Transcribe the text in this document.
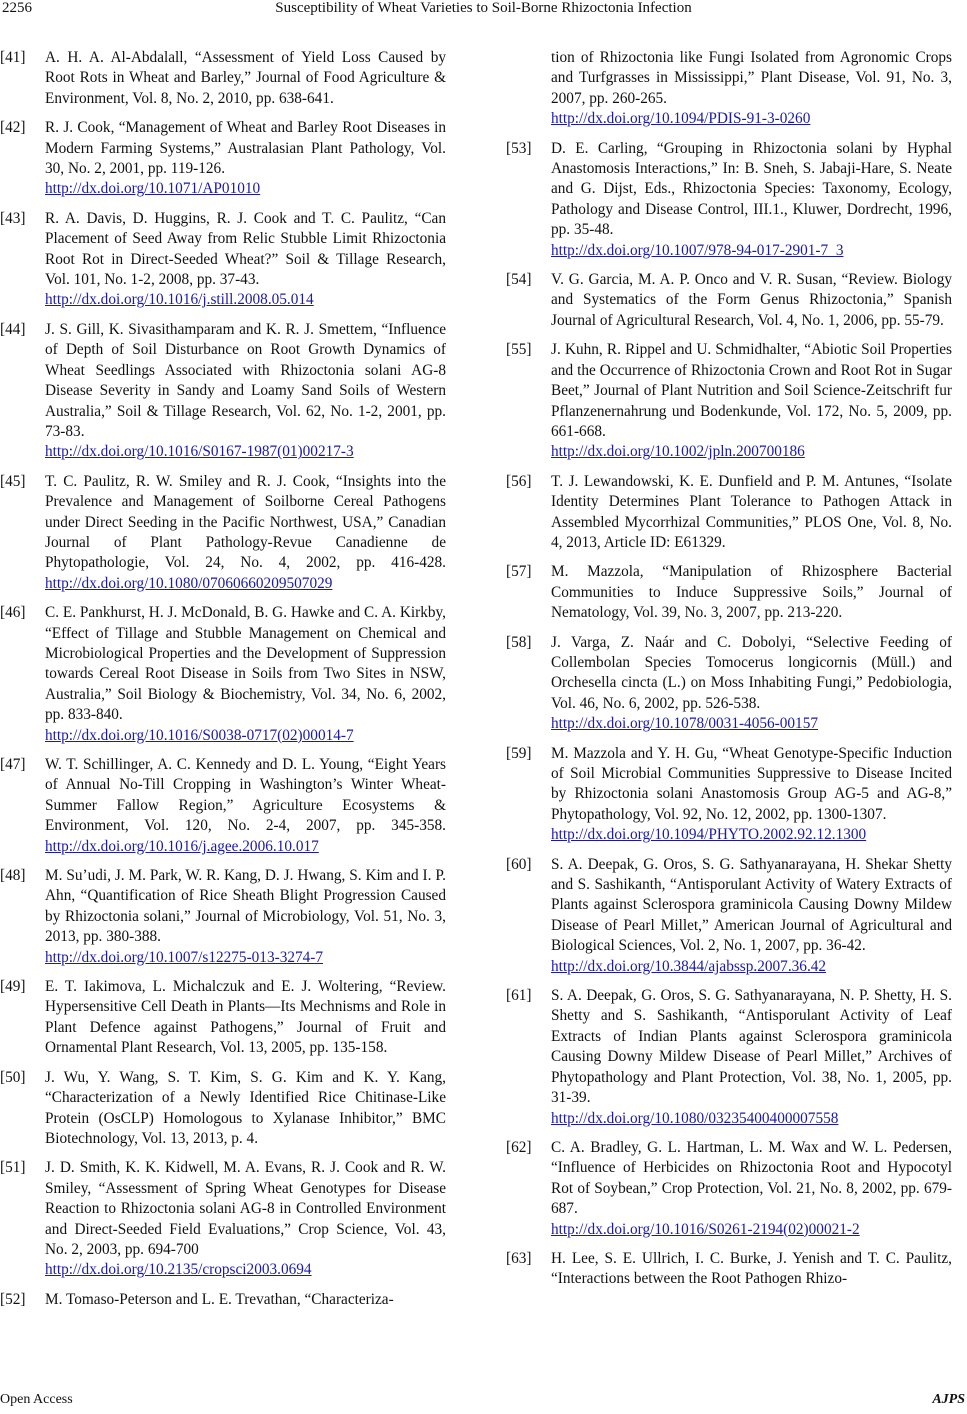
2256	Susceptibility of Wheat Varieties to Soil-Borne Rhizoctonia Infection
[41] A. H. A. Al-Abdalall, “Assessment of Yield Loss Caused by Root Rots in Wheat and Barley,” Journal of Food Agriculture & Environment, Vol. 8, No. 2, 2010, pp. 638-641.
[42] R. J. Cook, “Management of Wheat and Barley Root Diseases in Modern Farming Systems,” Australasian Plant Pathology, Vol. 30, No. 2, 2001, pp. 119-126.
http://dx.doi.org/10.1071/AP01010
[43] R. A. Davis, D. Huggins, R. J. Cook and T. C. Paulitz, “Can Placement of Seed Away from Relic Stubble Limit Rhizoctonia Root Rot in Direct-Seeded Wheat?” Soil & Tillage Research, Vol. 101, No. 1-2, 2008, pp. 37-43.
http://dx.doi.org/10.1016/j.still.2008.05.014
[44] J. S. Gill, K. Sivasithamparam and K. R. J. Smettem, “Influence of Depth of Soil Disturbance on Root Growth Dynamics of Wheat Seedlings Associated with Rhizoctonia solani AG-8 Disease Severity in Sandy and Loamy Sand Soils of Western Australia,” Soil & Tillage Research, Vol. 62, No. 1-2, 2001, pp. 73-83.
http://dx.doi.org/10.1016/S0167-1987(01)00217-3
[45] T. C. Paulitz, R. W. Smiley and R. J. Cook, “Insights into the Prevalence and Management of Soilborne Cereal Pathogens under Direct Seeding in the Pacific Northwest, USA,” Canadian Journal of Plant Pathology-Revue Canadienne de Phytopathologie, Vol. 24, No. 4, 2002, pp. 416-428. http://dx.doi.org/10.1080/07060660209507029
[46] C. E. Pankhurst, H. J. McDonald, B. G. Hawke and C. A. Kirkby, “Effect of Tillage and Stubble Management on Chemical and Microbiological Properties and the Development of Suppression towards Cereal Root Disease in Soils from Two Sites in NSW, Australia,” Soil Biology & Biochemistry, Vol. 34, No. 6, 2002, pp. 833-840.
http://dx.doi.org/10.1016/S0038-0717(02)00014-7
[47] W. T. Schillinger, A. C. Kennedy and D. L. Young, “Eight Years of Annual No-Till Cropping in Washington’s Winter Wheat-Summer Fallow Region,” Agriculture Ecosystems & Environment, Vol. 120, No. 2-4, 2007, pp. 345-358. http://dx.doi.org/10.1016/j.agee.2006.10.017
[48] M. Su’udi, J. M. Park, W. R. Kang, D. J. Hwang, S. Kim and I. P. Ahn, “Quantification of Rice Sheath Blight Progression Caused by Rhizoctonia solani,” Journal of Microbiology, Vol. 51, No. 3, 2013, pp. 380-388.
http://dx.doi.org/10.1007/s12275-013-3274-7
[49] E. T. Iakimova, L. Michalczuk and E. J. Woltering, “Review. Hypersensitive Cell Death in Plants—Its Mechnisms and Role in Plant Defence against Pathogens,” Journal of Fruit and Ornamental Plant Research, Vol. 13, 2005, pp. 135-158.
[50] J. Wu, Y. Wang, S. T. Kim, S. G. Kim and K. Y. Kang, “Characterization of a Newly Identified Rice Chitinase-Like Protein (OsCLP) Homologous to Xylanase Inhibitor,” BMC Biotechnology, Vol. 13, 2013, p. 4.
[51] J. D. Smith, K. K. Kidwell, M. A. Evans, R. J. Cook and R. W. Smiley, “Assessment of Spring Wheat Genotypes for Disease Reaction to Rhizoctonia solani AG-8 in Controlled Environment and Direct-Seeded Field Evaluations,” Crop Science, Vol. 43, No. 2, 2003, pp. 694-700
http://dx.doi.org/10.2135/cropsci2003.0694
[52] M. Tomaso-Peterson and L. E. Trevathan, “Characteriza-
tion of Rhizoctonia like Fungi Isolated from Agronomic Crops and Turfgrasses in Mississippi,” Plant Disease, Vol. 91, No. 3, 2007, pp. 260-265.
http://dx.doi.org/10.1094/PDIS-91-3-0260
[53] D. E. Carling, “Grouping in Rhizoctonia solani by Hyphal Anastomosis Interactions,” In: B. Sneh, S. Jabaji-Hare, S. Neate and G. Dijst, Eds., Rhizoctonia Species: Taxonomy, Ecology, Pathology and Disease Control, III.1., Kluwer, Dordrecht, 1996, pp. 35-48.
http://dx.doi.org/10.1007/978-94-017-2901-7_3
[54] V. G. Garcia, M. A. P. Onco and V. R. Susan, “Review. Biology and Systematics of the Form Genus Rhizoctonia,” Spanish Journal of Agricultural Research, Vol. 4, No. 1, 2006, pp. 55-79.
[55] J. Kuhn, R. Rippel and U. Schmidhalter, “Abiotic Soil Properties and the Occurrence of Rhizoctonia Crown and Root Rot in Sugar Beet,” Journal of Plant Nutrition and Soil Science-Zeitschrift fur Pflanzenernahrung und Bodenkunde, Vol. 172, No. 5, 2009, pp. 661-668.
http://dx.doi.org/10.1002/jpln.200700186
[56] T. J. Lewandowski, K. E. Dunfield and P. M. Antunes, “Isolate Identity Determines Plant Tolerance to Pathogen Attack in Assembled Mycorrhizal Communities,” PLOS One, Vol. 8, No. 4, 2013, Article ID: E61329.
[57] M. Mazzola, “Manipulation of Rhizosphere Bacterial Communities to Induce Suppressive Soils,” Journal of Nematology, Vol. 39, No. 3, 2007, pp. 213-220.
[58] J. Varga, Z. Naár and C. Dobolyi, “Selective Feeding of Collembolan Species Tomocerus longicornis (Müll.) and Orchesella cincta (L.) on Moss Inhabiting Fungi,” Pedobiologia, Vol. 46, No. 6, 2002, pp. 526-538.
http://dx.doi.org/10.1078/0031-4056-00157
[59] M. Mazzola and Y. H. Gu, “Wheat Genotype-Specific Induction of Soil Microbial Communities Suppressive to Disease Incited by Rhizoctonia solani Anastomosis Group AG-5 and AG-8,” Phytopathology, Vol. 92, No. 12, 2002, pp. 1300-1307.
http://dx.doi.org/10.1094/PHYTO.2002.92.12.1300
[60] S. A. Deepak, G. Oros, S. G. Sathyanarayana, H. Shekar Shetty and S. Sashikanth, “Antisporulant Activity of Watery Extracts of Plants against Sclerospora graminicola Causing Downy Mildew Disease of Pearl Millet,” American Journal of Agricultural and Biological Sciences, Vol. 2, No. 1, 2007, pp. 36-42.
http://dx.doi.org/10.3844/ajabssp.2007.36.42
[61] S. A. Deepak, G. Oros, S. G. Sathyanarayana, N. P. Shetty, H. S. Shetty and S. Sashikanth, “Antisporulant Activity of Leaf Extracts of Indian Plants against Sclerospora graminicola Causing Downy Mildew Disease of Pearl Millet,” Archives of Phytopathology and Plant Protection, Vol. 38, No. 1, 2005, pp. 31-39.
http://dx.doi.org/10.1080/03235400400007558
[62] C. A. Bradley, G. L. Hartman, L. M. Wax and W. L. Pedersen, “Influence of Herbicides on Rhizoctonia Root and Hypocotyl Rot of Soybean,” Crop Protection, Vol. 21, No. 8, 2002, pp. 679-687.
http://dx.doi.org/10.1016/S0261-2194(02)00021-2
[63] H. Lee, S. E. Ullrich, I. C. Burke, J. Yenish and T. C. Paulitz, “Interactions between the Root Pathogen Rhizo-
Open Access	AJPS
